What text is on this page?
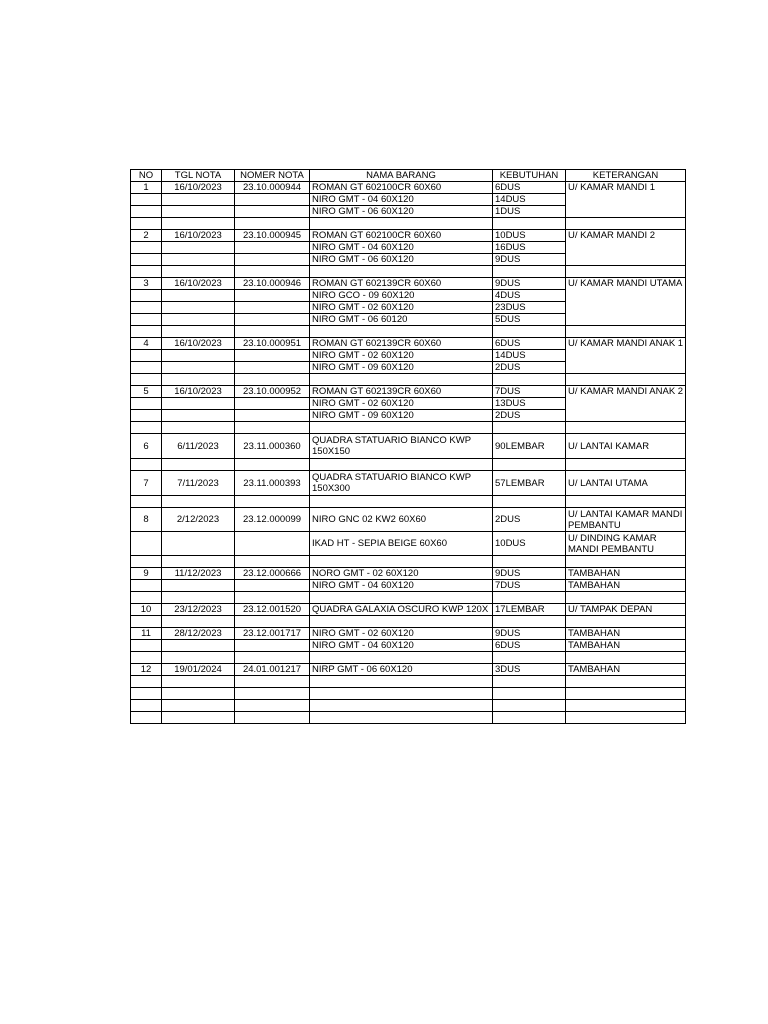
NO	TGL NOTA	NOMER NOTA	NAMA BARANG	KEBUTUHAN	KETERANGAN
1	16/10/2023	23.10.000944	ROMAN GT 602100CR 60X60	6DUS	U/ KAMAR MANDI 1
			NIRO GMT - 04 60X120	14DUS	
			NIRO GMT - 06 60X120	1DUS	

2	16/10/2023	23.10.000945	ROMAN GT 602100CR 60X60	10DUS	U/ KAMAR MANDI 2
			NIRO GMT - 04 60X120	16DUS	
			NIRO GMT - 06 60X120	9DUS	

3	16/10/2023	23.10.000946	ROMAN GT 602139CR 60X60	9DUS	U/ KAMAR MANDI UTAMA
			NIRO GCO - 09 60X120	4DUS	
			NIRO GMT - 02 60X120	23DUS	
			NIRO GMT - 06 60120	5DUS	

4	16/10/2023	23.10.000951	ROMAN GT 602139CR 60X60	6DUS	U/ KAMAR MANDI ANAK 1
			NIRO GMT - 02 60X120	14DUS	
			NIRO GMT - 09 60X120	2DUS	

5	16/10/2023	23.10.000952	ROMAN GT 602139CR 60X60	7DUS	U/ KAMAR MANDI ANAK 2
			NIRO GMT - 02 60X120	13DUS	
			NIRO GMT - 09 60X120	2DUS	

6	6/11/2023	23.11.000360	QUADRA STATUARIO BIANCO KWP 150X150	90LEMBAR	U/ LANTAI KAMAR

7	7/11/2023	23.11.000393	QUADRA STATUARIO BIANCO KWP 150X300	57LEMBAR	U/ LANTAI UTAMA

8	2/12/2023	23.12.000099	NIRO GNC 02 KW2 60X60	2DUS	U/ LANTAI KAMAR MANDI PEMBANTU
			IKAD HT - SEPIA BEIGE 60X60	10DUS	U/ DINDING KAMAR MANDI PEMBANTU

9	11/12/2023	23.12.000666	NORO GMT - 02 60X120	9DUS	TAMBAHAN
			NIRO GMT - 04 60X120	7DUS	TAMBAHAN

10	23/12/2023	23.12.001520	QUADRA GALAXIA OSCURO KWP 120X	17LEMBAR	U/ TAMPAK DEPAN

11	28/12/2023	23.12.001717	NIRO GMT - 02 60X120	9DUS	TAMBAHAN
			NIRO GMT - 04 60X120	6DUS	TAMBAHAN

12	19/01/2024	24.01.001217	NIRP GMT - 06 60X120	3DUS	TAMBAHAN
